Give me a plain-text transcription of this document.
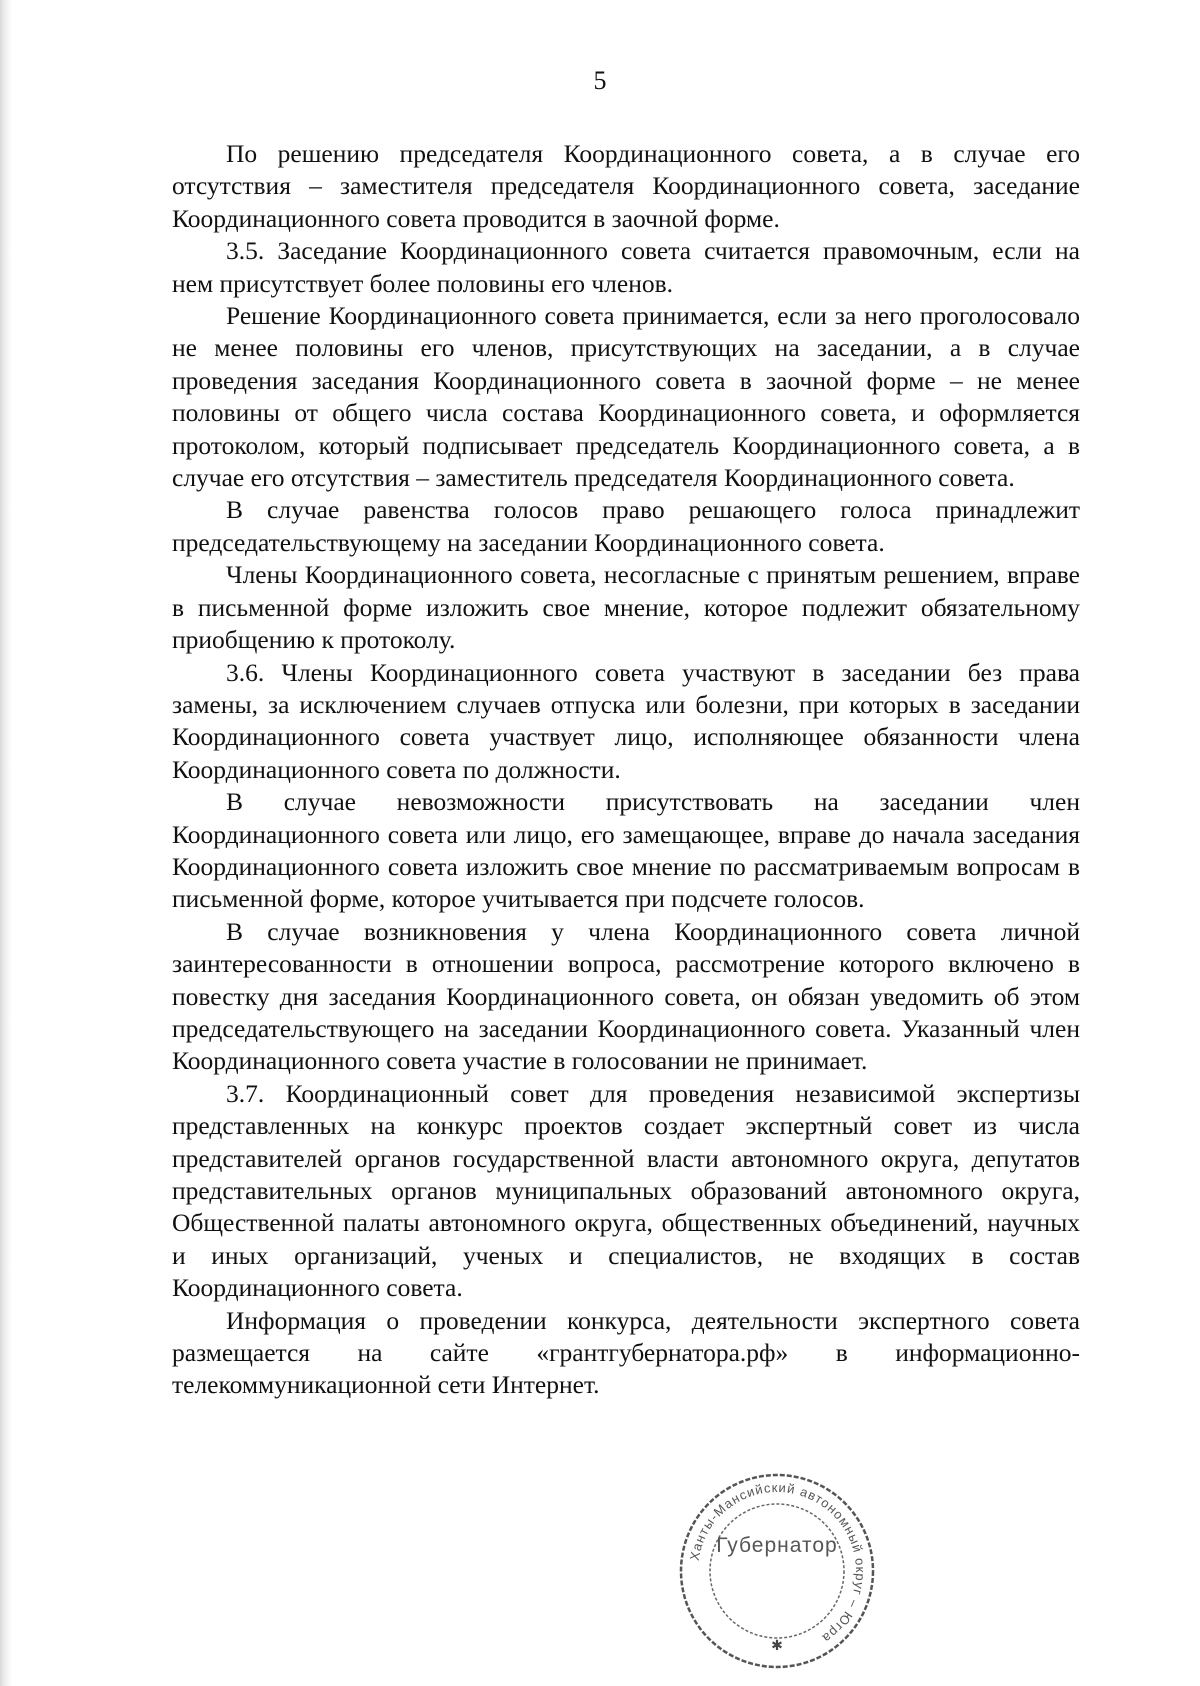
5

По решению председателя Координационного совета, а в случае его отсутствия – заместителя председателя Координационного совета, заседание Координационного совета проводится в заочной форме.

3.5. Заседание Координационного совета считается правомочным, если на нем присутствует более половины его членов.

Решение Координационного совета принимается, если за него проголосовало не менее половины его членов, присутствующих на заседании, а в случае проведения заседания Координационного совета в заочной форме – не менее половины от общего числа состава Координационного совета, и оформляется протоколом, который подписывает председатель Координационного совета, а в случае его отсутствия – заместитель председателя Координационного совета.

В случае равенства голосов право решающего голоса принадлежит председательствующему на заседании Координационного совета.

Члены Координационного совета, несогласные с принятым решением, вправе в письменной форме изложить свое мнение, которое подлежит обязательному приобщению к протоколу.

3.6. Члены Координационного совета участвуют в заседании без права замены, за исключением случаев отпуска или болезни, при которых в заседании Координационного совета участвует лицо, исполняющее обязанности члена Координационного совета по должности.

В случае невозможности присутствовать на заседании член Координационного совета или лицо, его замещающее, вправе до начала заседания Координационного совета изложить свое мнение по рассматриваемым вопросам в письменной форме, которое учитывается при подсчете голосов.

В случае возникновения у члена Координационного совета личной заинтересованности в отношении вопроса, рассмотрение которого включено в повестку дня заседания Координационного совета, он обязан уведомить об этом председательствующего на заседании Координационного совета. Указанный член Координационного совета участие в голосовании не принимает.

3.7. Координационный совет для проведения независимой экспертизы представленных на конкурс проектов создает экспертный совет из числа представителей органов государственной власти автономного округа, депутатов представительных органов муниципальных образований автономного округа, Общественной палаты автономного округа, общественных объединений, научных и иных организаций, ученых и специалистов, не входящих в состав Координационного совета.

Информация о проведении конкурса, деятельности экспертного совета размещается на сайте «грантгубернатора.рф» в информационно-телекоммуникационной сети Интернет.

Ханты-Мансийский автономный округ – Югра
Губернатор
✱
